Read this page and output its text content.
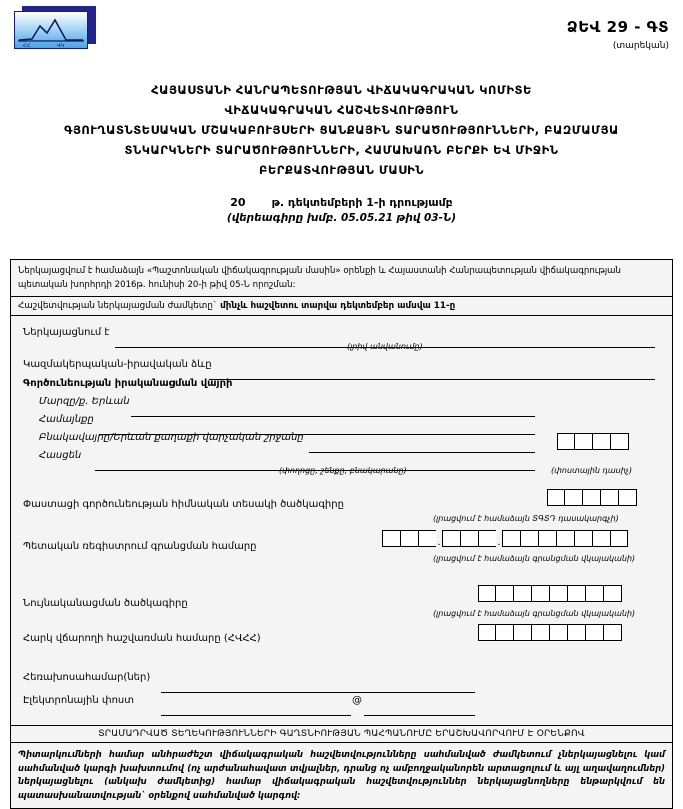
ՀՀ	ՎԿ
ՁԵՎ 29 - ԳՏ
(տարեկան)
ՀԱՅԱՍՏԱՆԻ ՀԱՆՐԱՊԵՏՈՒԹՅԱՆ ՎԻՃԱԿԱԳՐԱԿԱՆ ԿՈՄԻՏԵ
ՎԻՃԱԿԱԳՐԱԿԱՆ ՀԱՇՎԵՏՎՈՒԹՅՈՒՆ
ԳՅՈՒՂԱՏՆՏԵՍԱԿԱՆ ՄՇԱԿԱԲՈՒՅՍԵՐԻ ՑԱՆՔԱՅԻՆ ՏԱՐԱԾՈՒԹՅՈՒՆՆԵՐԻ, ԲԱԶՄԱՄՅԱ
ՏՆԿԱՐԿՆԵՐԻ ՏԱՐԱԾՈՒԹՅՈՒՆՆԵՐԻ, ՀԱՄԱԽԱՌՆ ԲԵՐՔԻ ԵՎ ՄԻՋԻՆ
ԲԵՐՔԱՏՎՈՒԹՅԱՆ ՄԱՍԻՆ
20 թ. դեկտեմբերի 1-ի դրությամբ
(վերեագիրը խմբ. 05.05.21 թիվ 03-Ն)
Ներկայացվում է համաձայն «Պաշտոնական վիճակագրության մասին» օրենքի և Հայաստանի Հանրապետության վիճակագրության պետական խորհրդի 2016թ. հունիսի 20-ի թիվ 05-Ն որոշման:
Հաշվետվության ներկայացման ժամկետը` մինչև հաշվետու տարվա դեկտեմբեր ամսվա 11-ը
Ներկայացնում է
(լրիվ անվանումը)
Կազմակերպական-իրավական ձևը
Գործունեության իրականացման վայրի
Մարզը/ք. Երևան
Համայնքը
Բնակավայրը/Երևան քաղաքի վարչական շրջանը
Հասցեն
(փողոցը, շենքը, բնակարանը)	(փոստային դասիչ)
Փաստացի գործունեության հիմնական տեսակի ծածկագիրը
(լրացվում է համաձայն ՏԳՏԴ դասակարգչի)
Պետական ռեգիստրում գրանցման համարը	.	.
(լրացվում է համաձայն գրանցման վկայականի)
Նույնականացման ծածկագիրը
(լրացվում է համաձայն գրանցման վկայականի)
Հարկ վճարողի հաշվառման համարը (ՀՎՀՀ)
Հեռախոսահամար(ներ)
Էլեկտրոնային փոստ	@
ՏՐԱՄԱԴՐՎԱԾ ՏԵՂԵԿՈՒԹՅՈՒՆՆԵՐԻ ԳԱՂՏՆԻՈՒԹՅԱՆ ՊԱՀՊԱՆՈՒՄԸ ԵՐԱՇԽԱՎՈՐՎՈՒՄ Է ՕՐԵՆՔՈՎ
Պիտարկումների համար անհրաժեշտ վիճակագրական հաշվետվությունները սահմանված ժամկետում չներկայացնելու կամ սահմանված կարգի խախտումով (ոչ արժանահավատ տվյալներ, դրանց ոչ ամբողջականորեն արտացոլում և այլ աղավաղումներ) ներկայացնելու (անկախ ժամկետից) համար վիճակագրական հաշվետվություններ ներկայացնողները ենթարկվում են պատասխանատվության` օրենքով սահմանված կարգով:
